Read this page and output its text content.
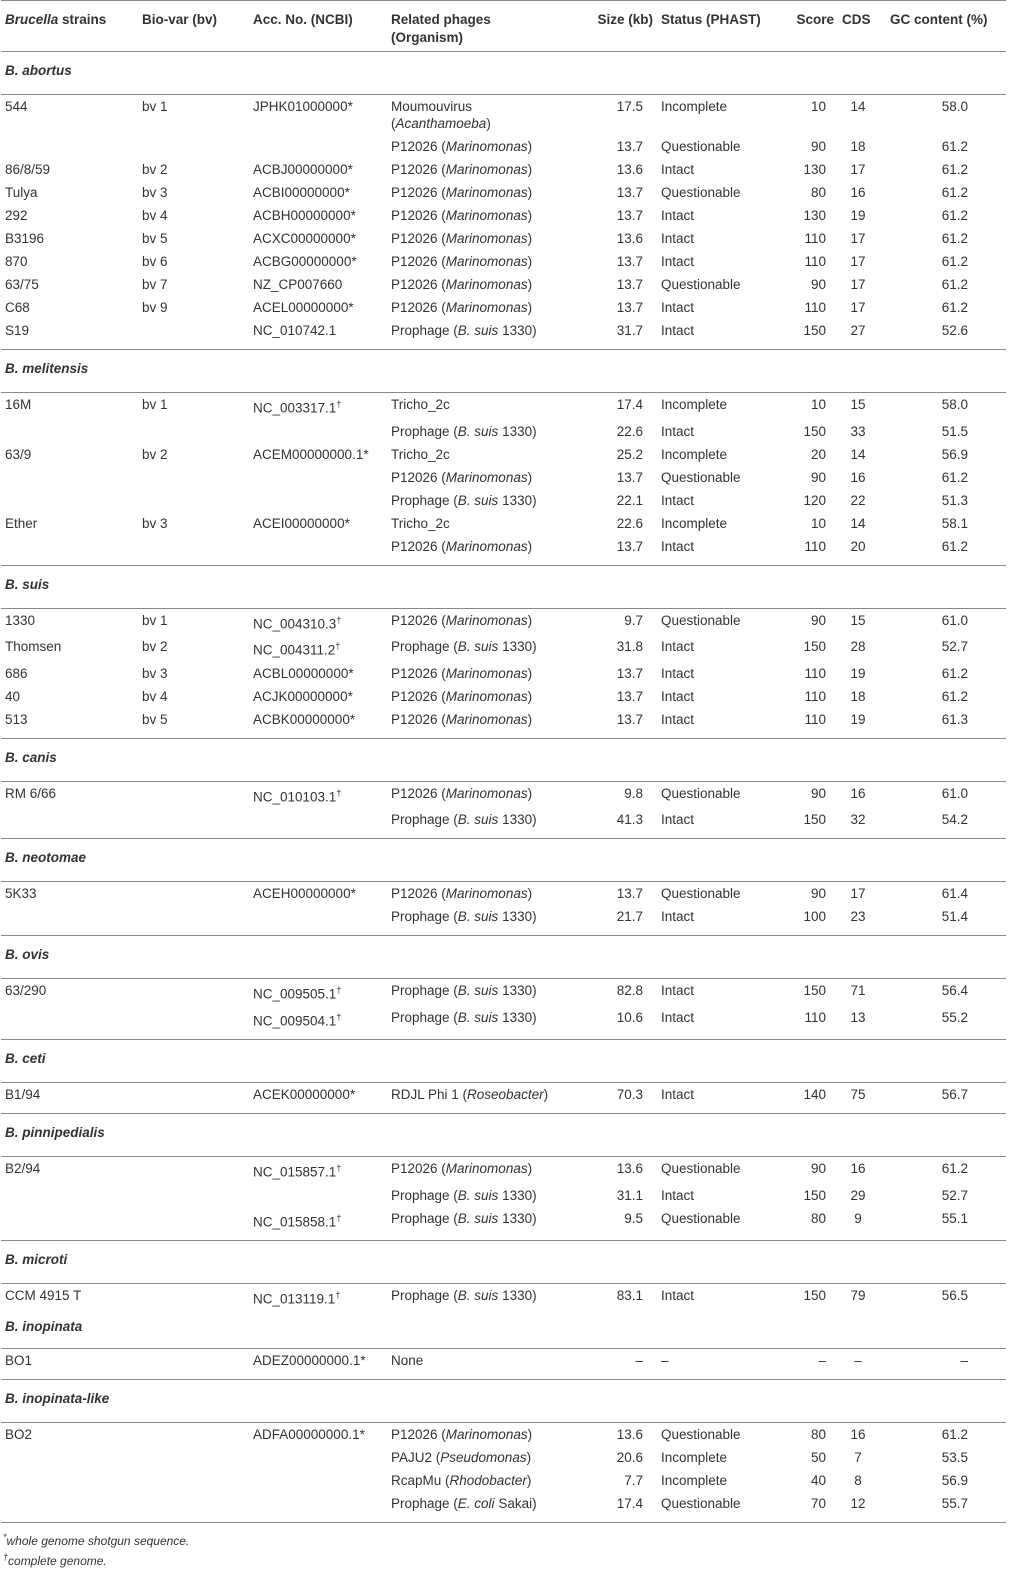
Brucella strains	Bio-var (bv)	Acc. No. (NCBI)	Related phages (Organism)	Size (kb)	Status (PHAST)	Score	CDS	GC content (%)
B. abortus								
544	bv 1	JPHK01000000*	Moumouvirus (Acanthamoeba)	17.5	Incomplete	10	14	58.0
			P12026 (Marinomonas)	13.7	Questionable	90	18	61.2
86/8/59	bv 2	ACBJ00000000*	P12026 (Marinomonas)	13.6	Intact	130	17	61.2
Tulya	bv 3	ACBI00000000*	P12026 (Marinomonas)	13.7	Questionable	80	16	61.2
292	bv 4	ACBH00000000*	P12026 (Marinomonas)	13.7	Intact	130	19	61.2
B3196	bv 5	ACXC00000000*	P12026 (Marinomonas)	13.6	Intact	110	17	61.2
870	bv 6	ACBG00000000*	P12026 (Marinomonas)	13.7	Intact	110	17	61.2
63/75	bv 7	NZ_CP007660	P12026 (Marinomonas)	13.7	Questionable	90	17	61.2
C68	bv 9	ACEL00000000*	P12026 (Marinomonas)	13.7	Intact	110	17	61.2
S19		NC_010742.1	Prophage (B. suis 1330)	31.7	Intact	150	27	52.6
B. melitensis								
16M	bv 1	NC_003317.1†	Tricho_2c	17.4	Incomplete	10	15	58.0
			Prophage (B. suis 1330)	22.6	Intact	150	33	51.5
63/9	bv 2	ACEM00000000.1*	Tricho_2c	25.2	Incomplete	20	14	56.9
			P12026 (Marinomonas)	13.7	Questionable	90	16	61.2
			Prophage (B. suis 1330)	22.1	Intact	120	22	51.3
Ether	bv 3	ACEI00000000*	Tricho_2c	22.6	Incomplete	10	14	58.1
			P12026 (Marinomonas)	13.7	Intact	110	20	61.2
B. suis								
1330	bv 1	NC_004310.3†	P12026 (Marinomonas)	9.7	Questionable	90	15	61.0
Thomsen	bv 2	NC_004311.2†	Prophage (B. suis 1330)	31.8	Intact	150	28	52.7
686	bv 3	ACBL00000000*	P12026 (Marinomonas)	13.7	Intact	110	19	61.2
40	bv 4	ACJK00000000*	P12026 (Marinomonas)	13.7	Intact	110	18	61.2
513	bv 5	ACBK00000000*	P12026 (Marinomonas)	13.7	Intact	110	19	61.3
B. canis								
RM 6/66		NC_010103.1†	P12026 (Marinomonas)	9.8	Questionable	90	16	61.0
			Prophage (B. suis 1330)	41.3	Intact	150	32	54.2
B. neotomae								
5K33		ACEH00000000*	P12026 (Marinomonas)	13.7	Questionable	90	17	61.4
			Prophage (B. suis 1330)	21.7	Intact	100	23	51.4
B. ovis								
63/290		NC_009505.1†	Prophage (B. suis 1330)	82.8	Intact	150	71	56.4
		NC_009504.1†	Prophage (B. suis 1330)	10.6	Intact	110	13	55.2
B. ceti								
B1/94		ACEK00000000*	RDJL Phi 1 (Roseobacter)	70.3	Intact	140	75	56.7
B. pinnipedialis								
B2/94		NC_015857.1†	P12026 (Marinomonas)	13.6	Questionable	90	16	61.2
			Prophage (B. suis 1330)	31.1	Intact	150	29	52.7
		NC_015858.1†	Prophage (B. suis 1330)	9.5	Questionable	80	9	55.1
B. microti								
CCM 4915 T		NC_013119.1†	Prophage (B. suis 1330)	83.1	Intact	150	79	56.5
B. inopinata								
BO1		ADEZ00000000.1*	None	–	–	–	–	–
B. inopinata-like								
BO2		ADFA00000000.1*	P12026 (Marinomonas)	13.6	Questionable	80	16	61.2
			PAJU2 (Pseudomonas)	20.6	Incomplete	50	7	53.5
			RcapMu (Rhodobacter)	7.7	Incomplete	40	8	56.9
			Prophage (E. coli Sakai)	17.4	Questionable	70	12	55.7
*whole genome shotgun sequence.
†complete genome.
